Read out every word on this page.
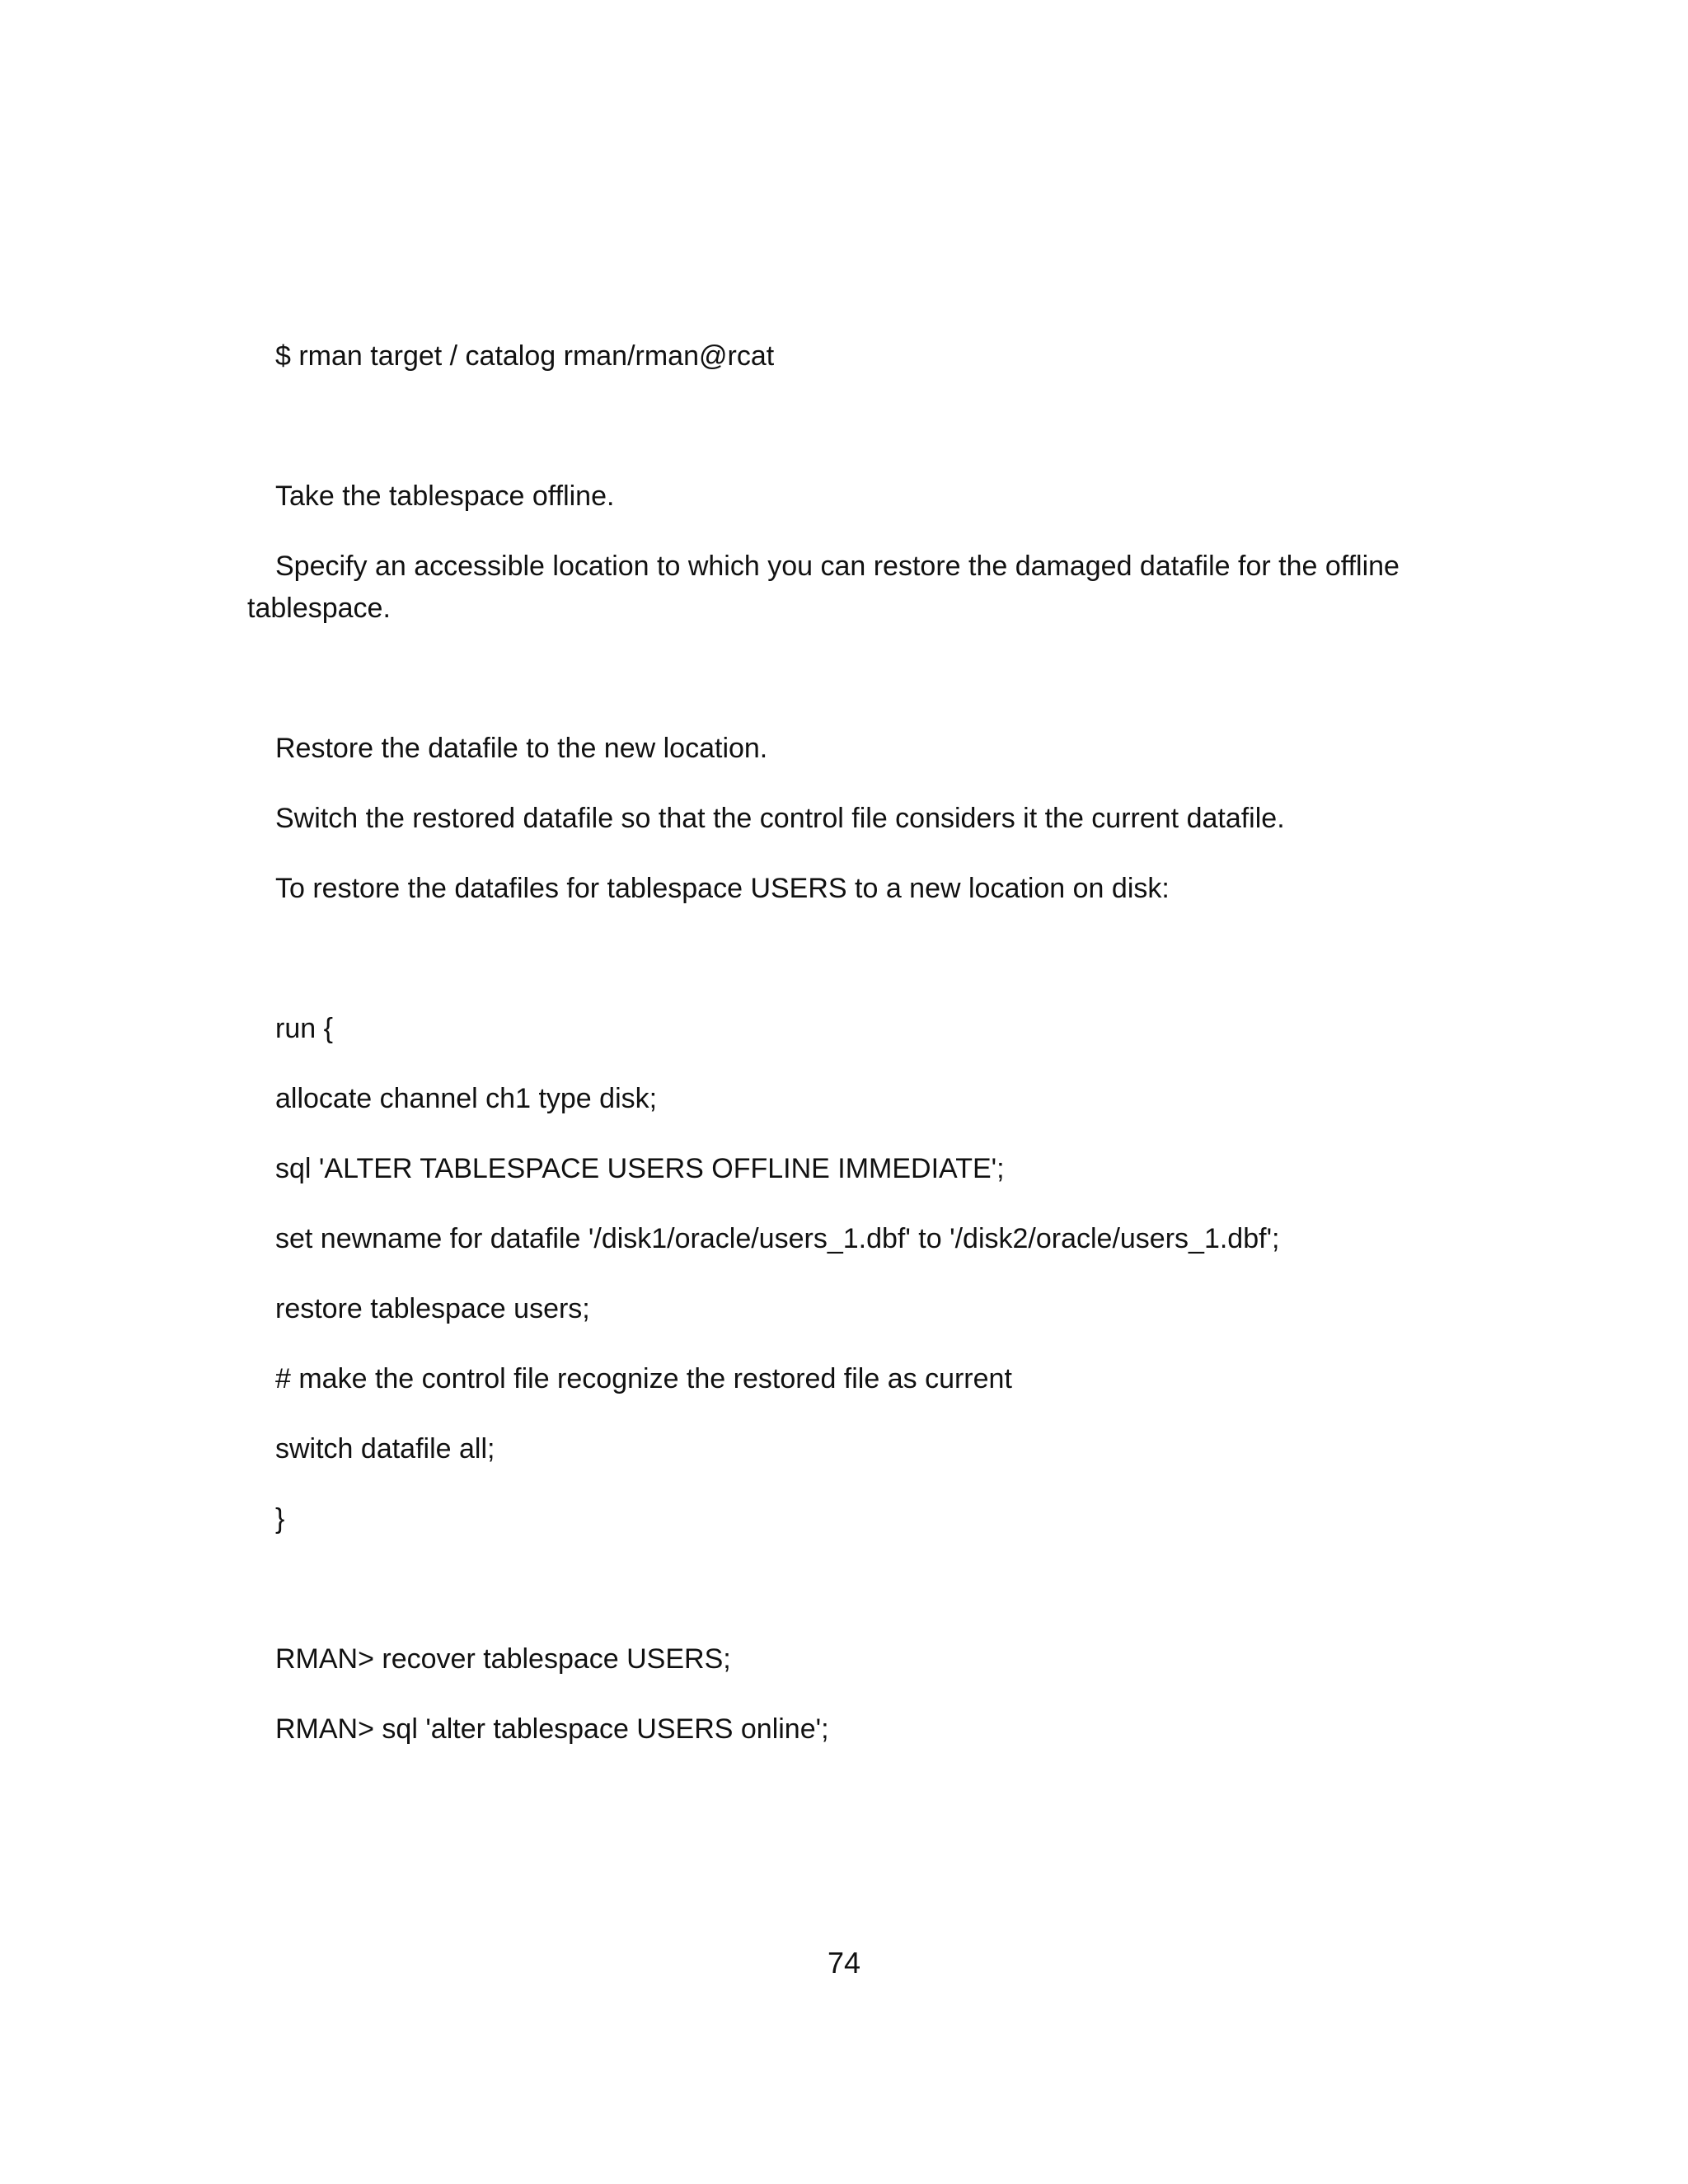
$ rman target / catalog rman/rman@rcat

Take the tablespace offline.

Specify an accessible location to which you can restore the damaged datafile for the offline

tablespace.

Restore the datafile to the new location.

Switch the restored datafile so that the control file considers it the current datafile.

To restore the datafiles for tablespace USERS to a new location on disk:

run {

allocate channel ch1 type disk;

sql 'ALTER TABLESPACE USERS OFFLINE IMMEDIATE';

set newname for datafile '/disk1/oracle/users_1.dbf' to '/disk2/oracle/users_1.dbf';

restore tablespace users;

# make the control file recognize the restored file as current

switch datafile all;

}

RMAN> recover tablespace USERS;

RMAN> sql 'alter tablespace USERS online';

74
